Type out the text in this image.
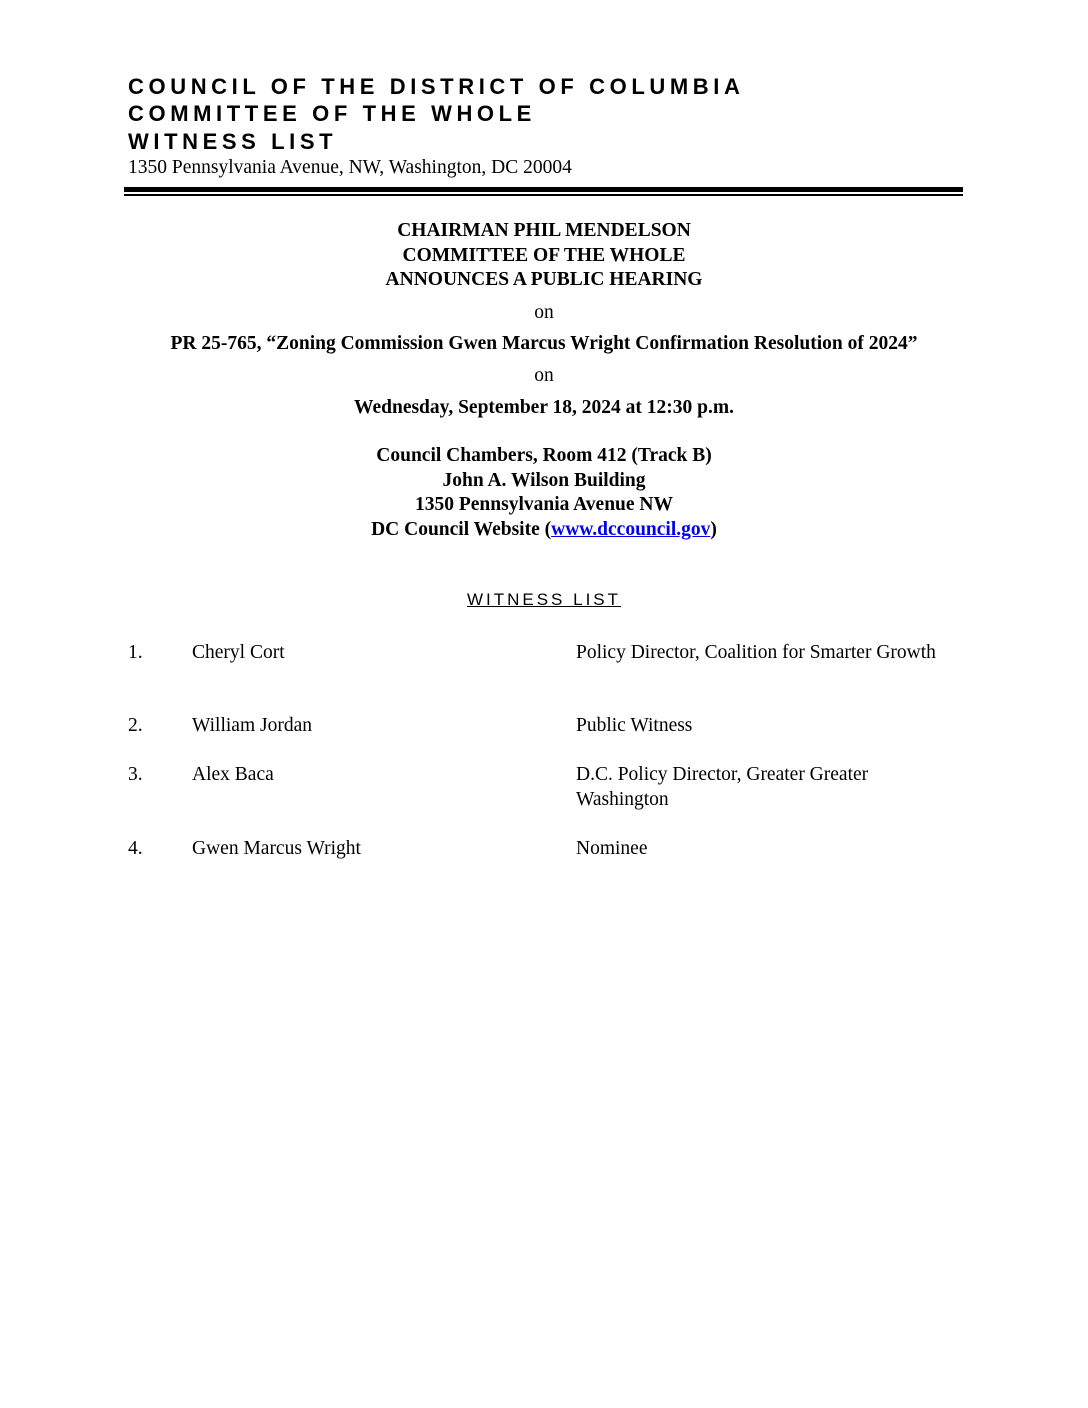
COUNCIL OF THE DISTRICT OF COLUMBIA
COMMITTEE OF THE WHOLE
WITNESS LIST
1350 Pennsylvania Avenue, NW, Washington, DC 20004
CHAIRMAN PHIL MENDELSON
COMMITTEE OF THE WHOLE
ANNOUNCES A PUBLIC HEARING
on
PR 25-765, “Zoning Commission Gwen Marcus Wright Confirmation Resolution of 2024”
on
Wednesday, September 18, 2024 at 12:30 p.m.
Council Chambers, Room 412 (Track B)
John A. Wilson Building
1350 Pennsylvania Avenue NW
DC Council Website (www.dccouncil.gov)
WITNESS LIST
1.	Cheryl Cort	Policy Director, Coalition for Smarter Growth
2.	William Jordan	Public Witness
3.	Alex Baca	D.C. Policy Director, Greater Greater Washington
4.	Gwen Marcus Wright	Nominee
